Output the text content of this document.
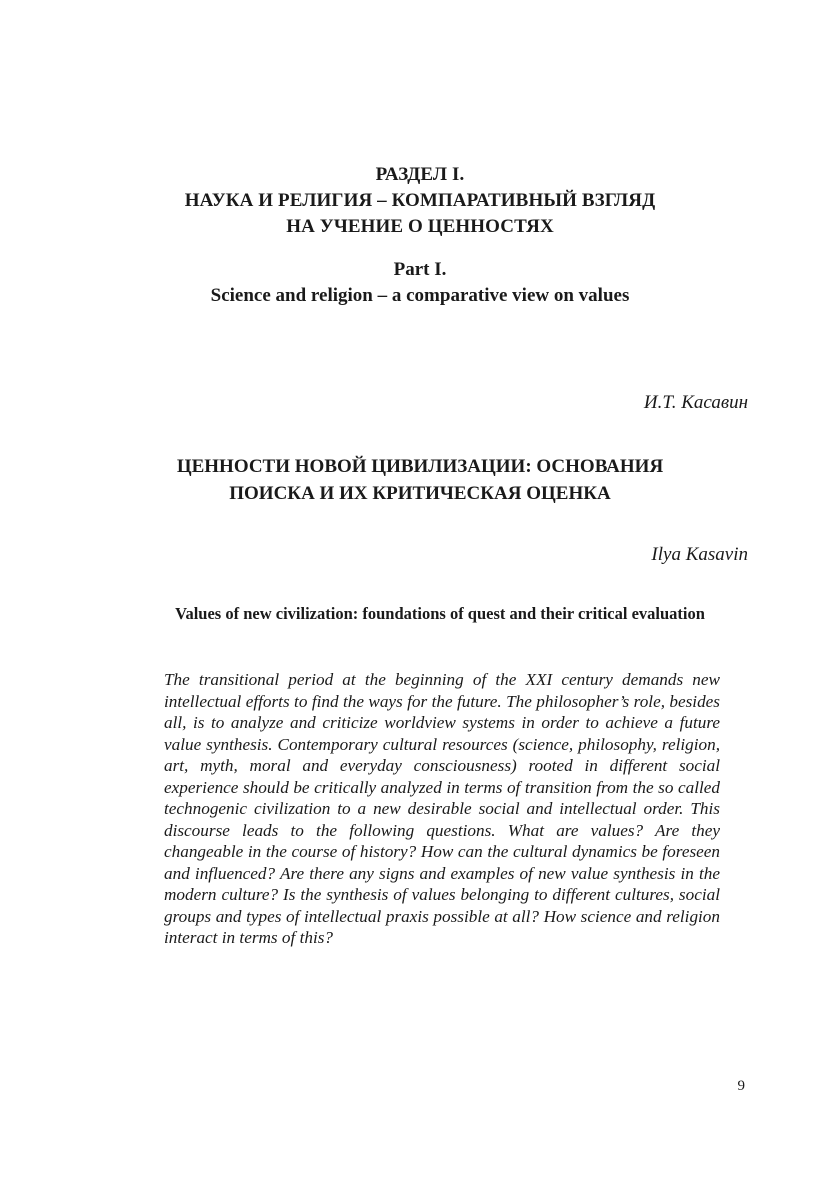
РАЗДЕЛ I.
НАУКА И РЕЛИГИЯ – КОМПАРАТИВНЫЙ ВЗГЛЯД
НА УЧЕНИЕ О ЦЕННОСТЯХ
Part I.
Science and religion – a comparative view on values
И.Т. Касавин
ЦЕННОСТИ НОВОЙ ЦИВИЛИЗАЦИИ: ОСНОВАНИЯ
ПОИСКА И ИХ КРИТИЧЕСКАЯ ОЦЕНКА
Ilya Kasavin
Values of new civilization: foundations of quest and their critical evaluation

The transitional period at the beginning of the XXI century demands new intellectual efforts to find the ways for the future. The philosopher’s role, besides all, is to analyze and criticize worldview systems in order to achieve a future value synthesis. Contemporary cultural resources (science, philosophy, religion, art, myth, moral and everyday consciousness) rooted in different social experience should be critically analyzed in terms of transition from the so called technogenic civilization to a new desirable social and intellectual order. This discourse leads to the following questions. What are values? Are they changeable in the course of history? How can the cultural dynamics be foreseen and influenced? Are there any signs and examples of new value synthesis in the modern culture? Is the synthesis of values belonging to different cultures, social groups and types of intellectual praxis possible at all? How science and religion interact in terms of this?

9
